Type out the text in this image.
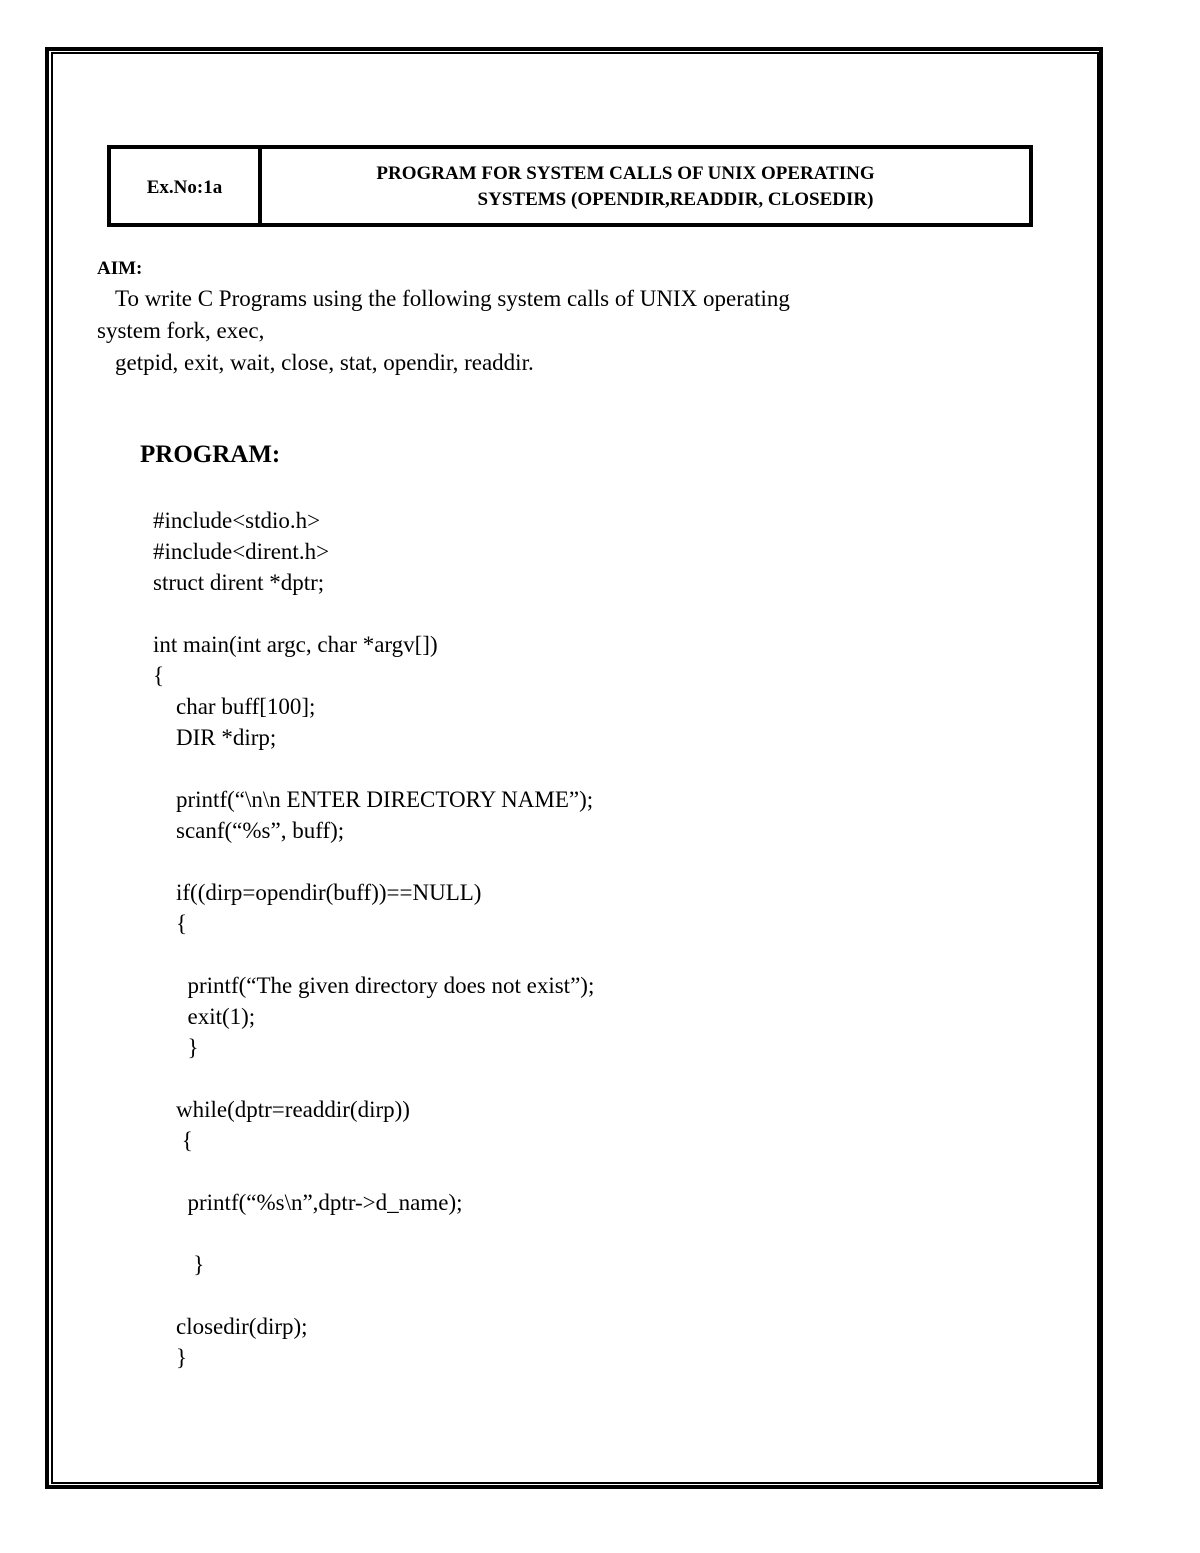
Ex.No:1a
PROGRAM FOR SYSTEM CALLS OF UNIX OPERATING
SYSTEMS (OPENDIR,READDIR, CLOSEDIR)
AIM:
To write C Programs using the following system calls of UNIX operating
system fork, exec,
getpid, exit, wait, close, stat, opendir, readdir.
PROGRAM:
#include<stdio.h>
#include<dirent.h>
struct dirent *dptr;
int main(int argc, char *argv[])
{
char buff[100];
DIR *dirp;
printf(“\n\n ENTER DIRECTORY NAME”);
scanf(“%s”, buff);
if((dirp=opendir(buff))==NULL)
{
printf(“The given directory does not exist”);
exit(1);
}
while(dptr=readdir(dirp))
{
printf(“%s\n”,dptr->d_name);
}
closedir(dirp);
}
